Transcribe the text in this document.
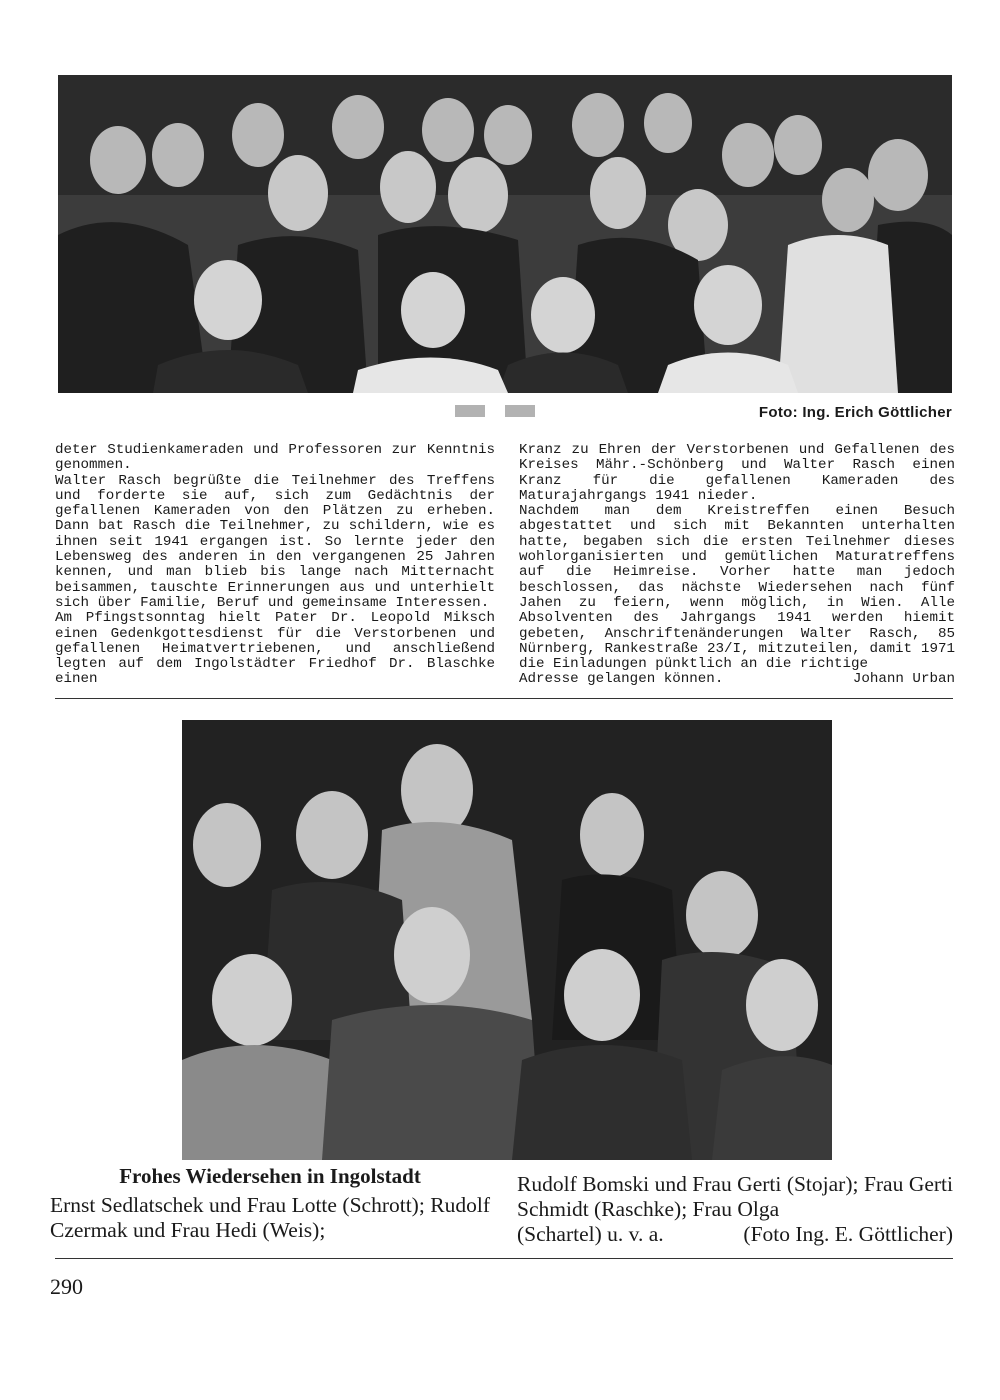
Foto: Ing. Erich Göttlicher

deter Studienkameraden und Professoren zur Kenntnis genommen.

Walter Rasch begrüßte die Teilnehmer des Treffens und forderte sie auf, sich zum Gedächtnis der gefallenen Kameraden von den Plätzen zu erheben. Dann bat Rasch die Teilnehmer, zu schildern, wie es ihnen seit 1941 ergangen ist. So lernte jeder den Lebensweg des anderen in den vergangenen 25 Jahren kennen, und man blieb bis lange nach Mitternacht beisammen, tauschte Erinnerungen aus und unterhielt sich über Familie, Beruf und gemeinsame Interessen.

Am Pfingstsonntag hielt Pater Dr. Leopold Miksch einen Gedenkgottesdienst für die Verstorbenen und gefallenen Heimatvertriebenen, und anschließend legten auf dem Ingolstädter Friedhof Dr. Blaschke einen

Kranz zu Ehren der Verstorbenen und Gefallenen des Kreises Mähr.-Schönberg und Walter Rasch einen Kranz für die gefallenen Kameraden des Maturajahrgangs 1941 nieder.

Nachdem man dem Kreistreffen einen Besuch abgestattet und sich mit Bekannten unterhalten hatte, begaben sich die ersten Teilnehmer dieses wohlorganisierten und gemütlichen Maturatreffens auf die Heimreise. Vorher hatte man jedoch beschlossen, das nächste Wiedersehen nach fünf Jahen zu feiern, wenn möglich, in Wien. Alle Absolventen des Jahrgangs 1941 werden hiemit gebeten, Anschriftenänderungen Walter Rasch, 85 Nürnberg, Rankestraße 23/I, mitzuteilen, damit 1971 die Einladungen pünktlich an die richtige

Adresse gelangen können.	Johann Urban

Frohes Wiedersehen in Ingolstadt
Ernst Sedlatschek und Frau Lotte (Schrott); Rudolf Czermak und Frau Hedi (Weis);
Rudolf Bomski und Frau Gerti (Stojar); Frau Gerti Schmidt (Raschke); Frau Olga
(Schartel) u. v. a.	(Foto Ing. E. Göttlicher)
290
